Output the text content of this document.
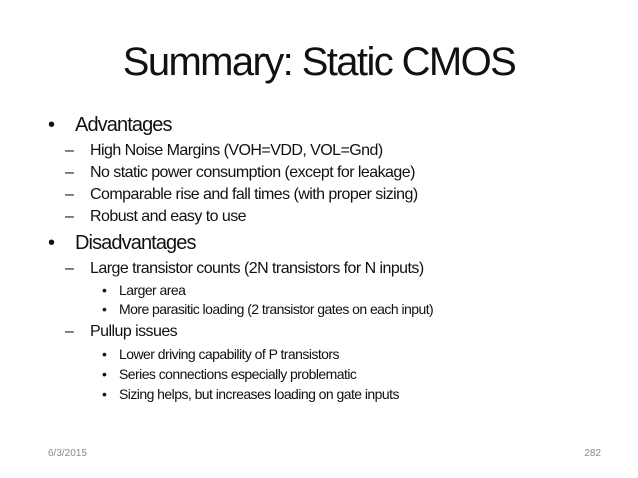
Summary: Static CMOS
•	Advantages
–	High Noise Margins (VOH=VDD, VOL=Gnd)
–	No static power consumption (except for leakage)
–	Comparable rise and fall times (with proper sizing)
–	Robust and easy to use
•	Disadvantages
–	Large transistor counts (2N transistors for N inputs)
• Larger area
• More parasitic loading (2 transistor gates on each input)
–	Pullup issues
• Lower driving capability of P transistors
• Series connections especially problematic
• Sizing helps, but increases loading on gate inputs
6/3/2015	282
